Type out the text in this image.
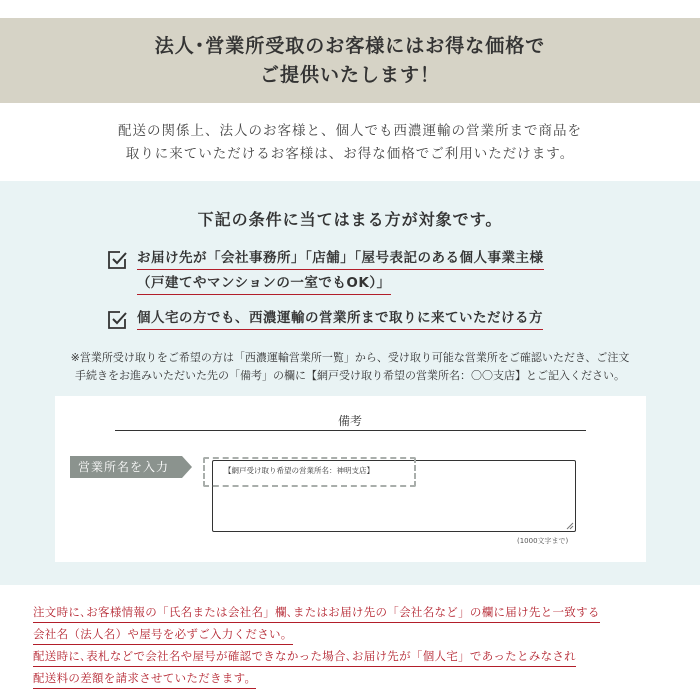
法人･営業所受取のお客様にはお得な価格で
ご提供いたします！
配送の関係上、法人のお客様と、個人でも西濃運輸の営業所まで商品を
取りに来ていただけるお客様は、お得な価格でご利用いただけます。
下記の条件に当てはまる方が対象です。
お届け先が「会社事務所」「店舗」「屋号表記のある個人事業主様
（戸建てやマンションの一室でもOK）」
個人宅の方でも、西濃運輸の営業所まで取りに来ていただける方
※営業所受け取りをご希望の方は「西濃運輸営業所一覧」から、受け取り可能な営業所をご確認いただき、ご注文
手続きをお進みいただいた先の「備考」の欄に【網戸受け取り希望の営業所名：〇〇支店】とご記入ください。
備考
営業所名を入力	【網戸受け取り希望の営業所名：神明支店】
(1000文字まで)
注文時に､お客様情報の「氏名または会社名」欄､またはお届け先の「会社名など」の欄に届け先と一致する
会社名（法人名）や屋号を必ずご入力ください。
配送時に､表札などで会社名や屋号が確認できなかった場合､お届け先が「個人宅」であったとみなされ
配送料の差額を請求させていただきます。
